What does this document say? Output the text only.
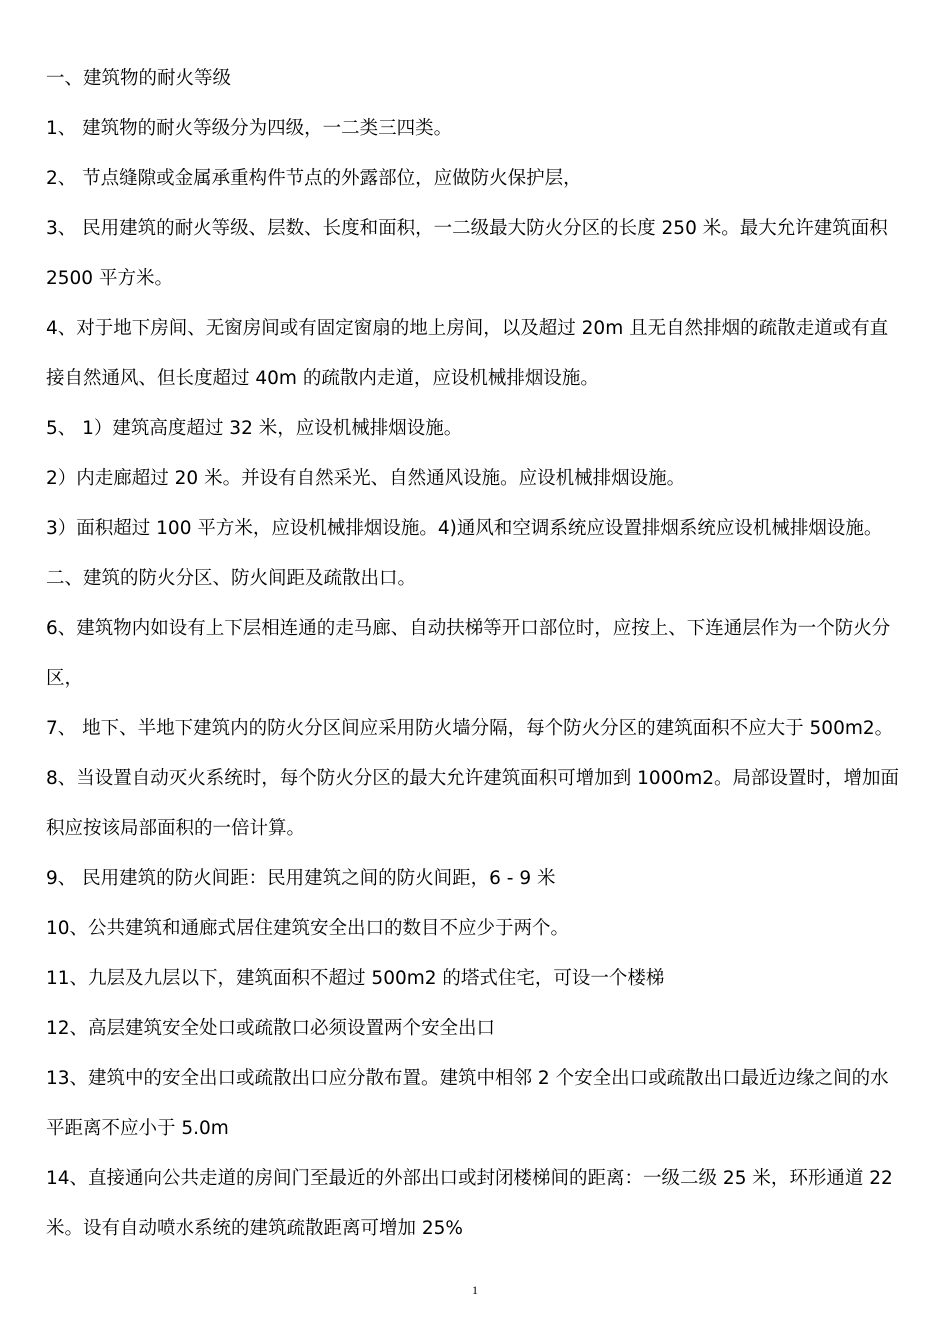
一、建筑物的耐火等级
1、 建筑物的耐火等级分为四级，一二类三四类。
2、 节点缝隙或金属承重构件节点的外露部位，应做防火保护层，
3、 民用建筑的耐火等级、层数、长度和面积，一二级最大防火分区的长度 250 米。最大允许建筑面积
2500 平方米。
4、对于地下房间、无窗房间或有固定窗扇的地上房间，以及超过 20m 且无自然排烟的疏散走道或有直
接自然通风、但长度超过 40m 的疏散内走道，应设机械排烟设施。
5、 1）建筑高度超过 32 米，应设机械排烟设施。
2）内走廊超过 20 米。并设有自然采光、自然通风设施。应设机械排烟设施。
3）面积超过 100 平方米，应设机械排烟设施。4)通风和空调系统应设置排烟系统应设机械排烟设施。
二、建筑的防火分区、防火间距及疏散出口。
6、建筑物内如设有上下层相连通的走马廊、自动扶梯等开口部位时，应按上、下连通层作为一个防火分
区，
7、 地下、半地下建筑内的防火分区间应采用防火墙分隔，每个防火分区的建筑面积不应大于 500m2。
8、当设置自动灭火系统时，每个防火分区的最大允许建筑面积可增加到 1000m2。局部设置时，增加面
积应按该局部面积的一倍计算。
9、 民用建筑的防火间距：民用建筑之间的防火间距，6 - 9 米
10、公共建筑和通廊式居住建筑安全出口的数目不应少于两个。
11、九层及九层以下，建筑面积不超过 500m2 的塔式住宅，可设一个楼梯
12、高层建筑安全处口或疏散口必须设置两个安全出口
13、建筑中的安全出口或疏散出口应分散布置。建筑中相邻 2 个安全出口或疏散出口最近边缘之间的水
平距离不应小于 5.0m
14、直接通向公共走道的房间门至最近的外部出口或封闭楼梯间的距离：一级二级 25 米，环形通道 22
米。设有自动喷水系统的建筑疏散距离可增加 25%
1
